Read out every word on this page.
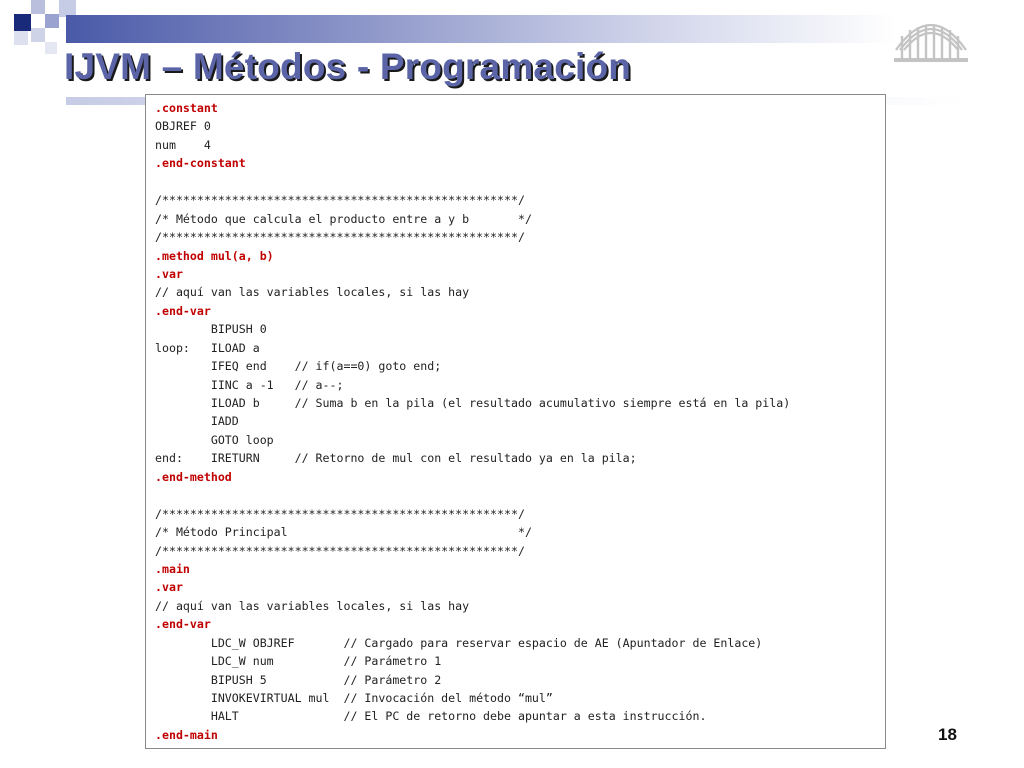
IJVM – Métodos - Programación
.constant
OBJREF 0
num    4
.end-constant
/***************************************************/
/* Método que calcula el producto entre a y b       */
/***************************************************/
.method mul(a, b)
.var
// aquí van las variables locales, si las hay
.end-var
BIPUSH 0
loop:   ILOAD a
IFEQ end    // if(a==0) goto end;
IINC a -1   // a--;
ILOAD b     // Suma b en la pila (el resultado acumulativo siempre está en la pila)
IADD
GOTO loop
end:    IRETURN     // Retorno de mul con el resultado ya en la pila;
.end-method
/***************************************************/
/* Método Principal                                 */
/***************************************************/
.main
.var
// aquí van las variables locales, si las hay
.end-var
LDC_W OBJREF       // Cargado para reservar espacio de AE (Apuntador de Enlace)
LDC_W num          // Parámetro 1
BIPUSH 5           // Parámetro 2
INVOKEVIRTUAL mul  // Invocación del método “mul”
HALT               // El PC de retorno debe apuntar a esta instrucción.
.end-main	18
